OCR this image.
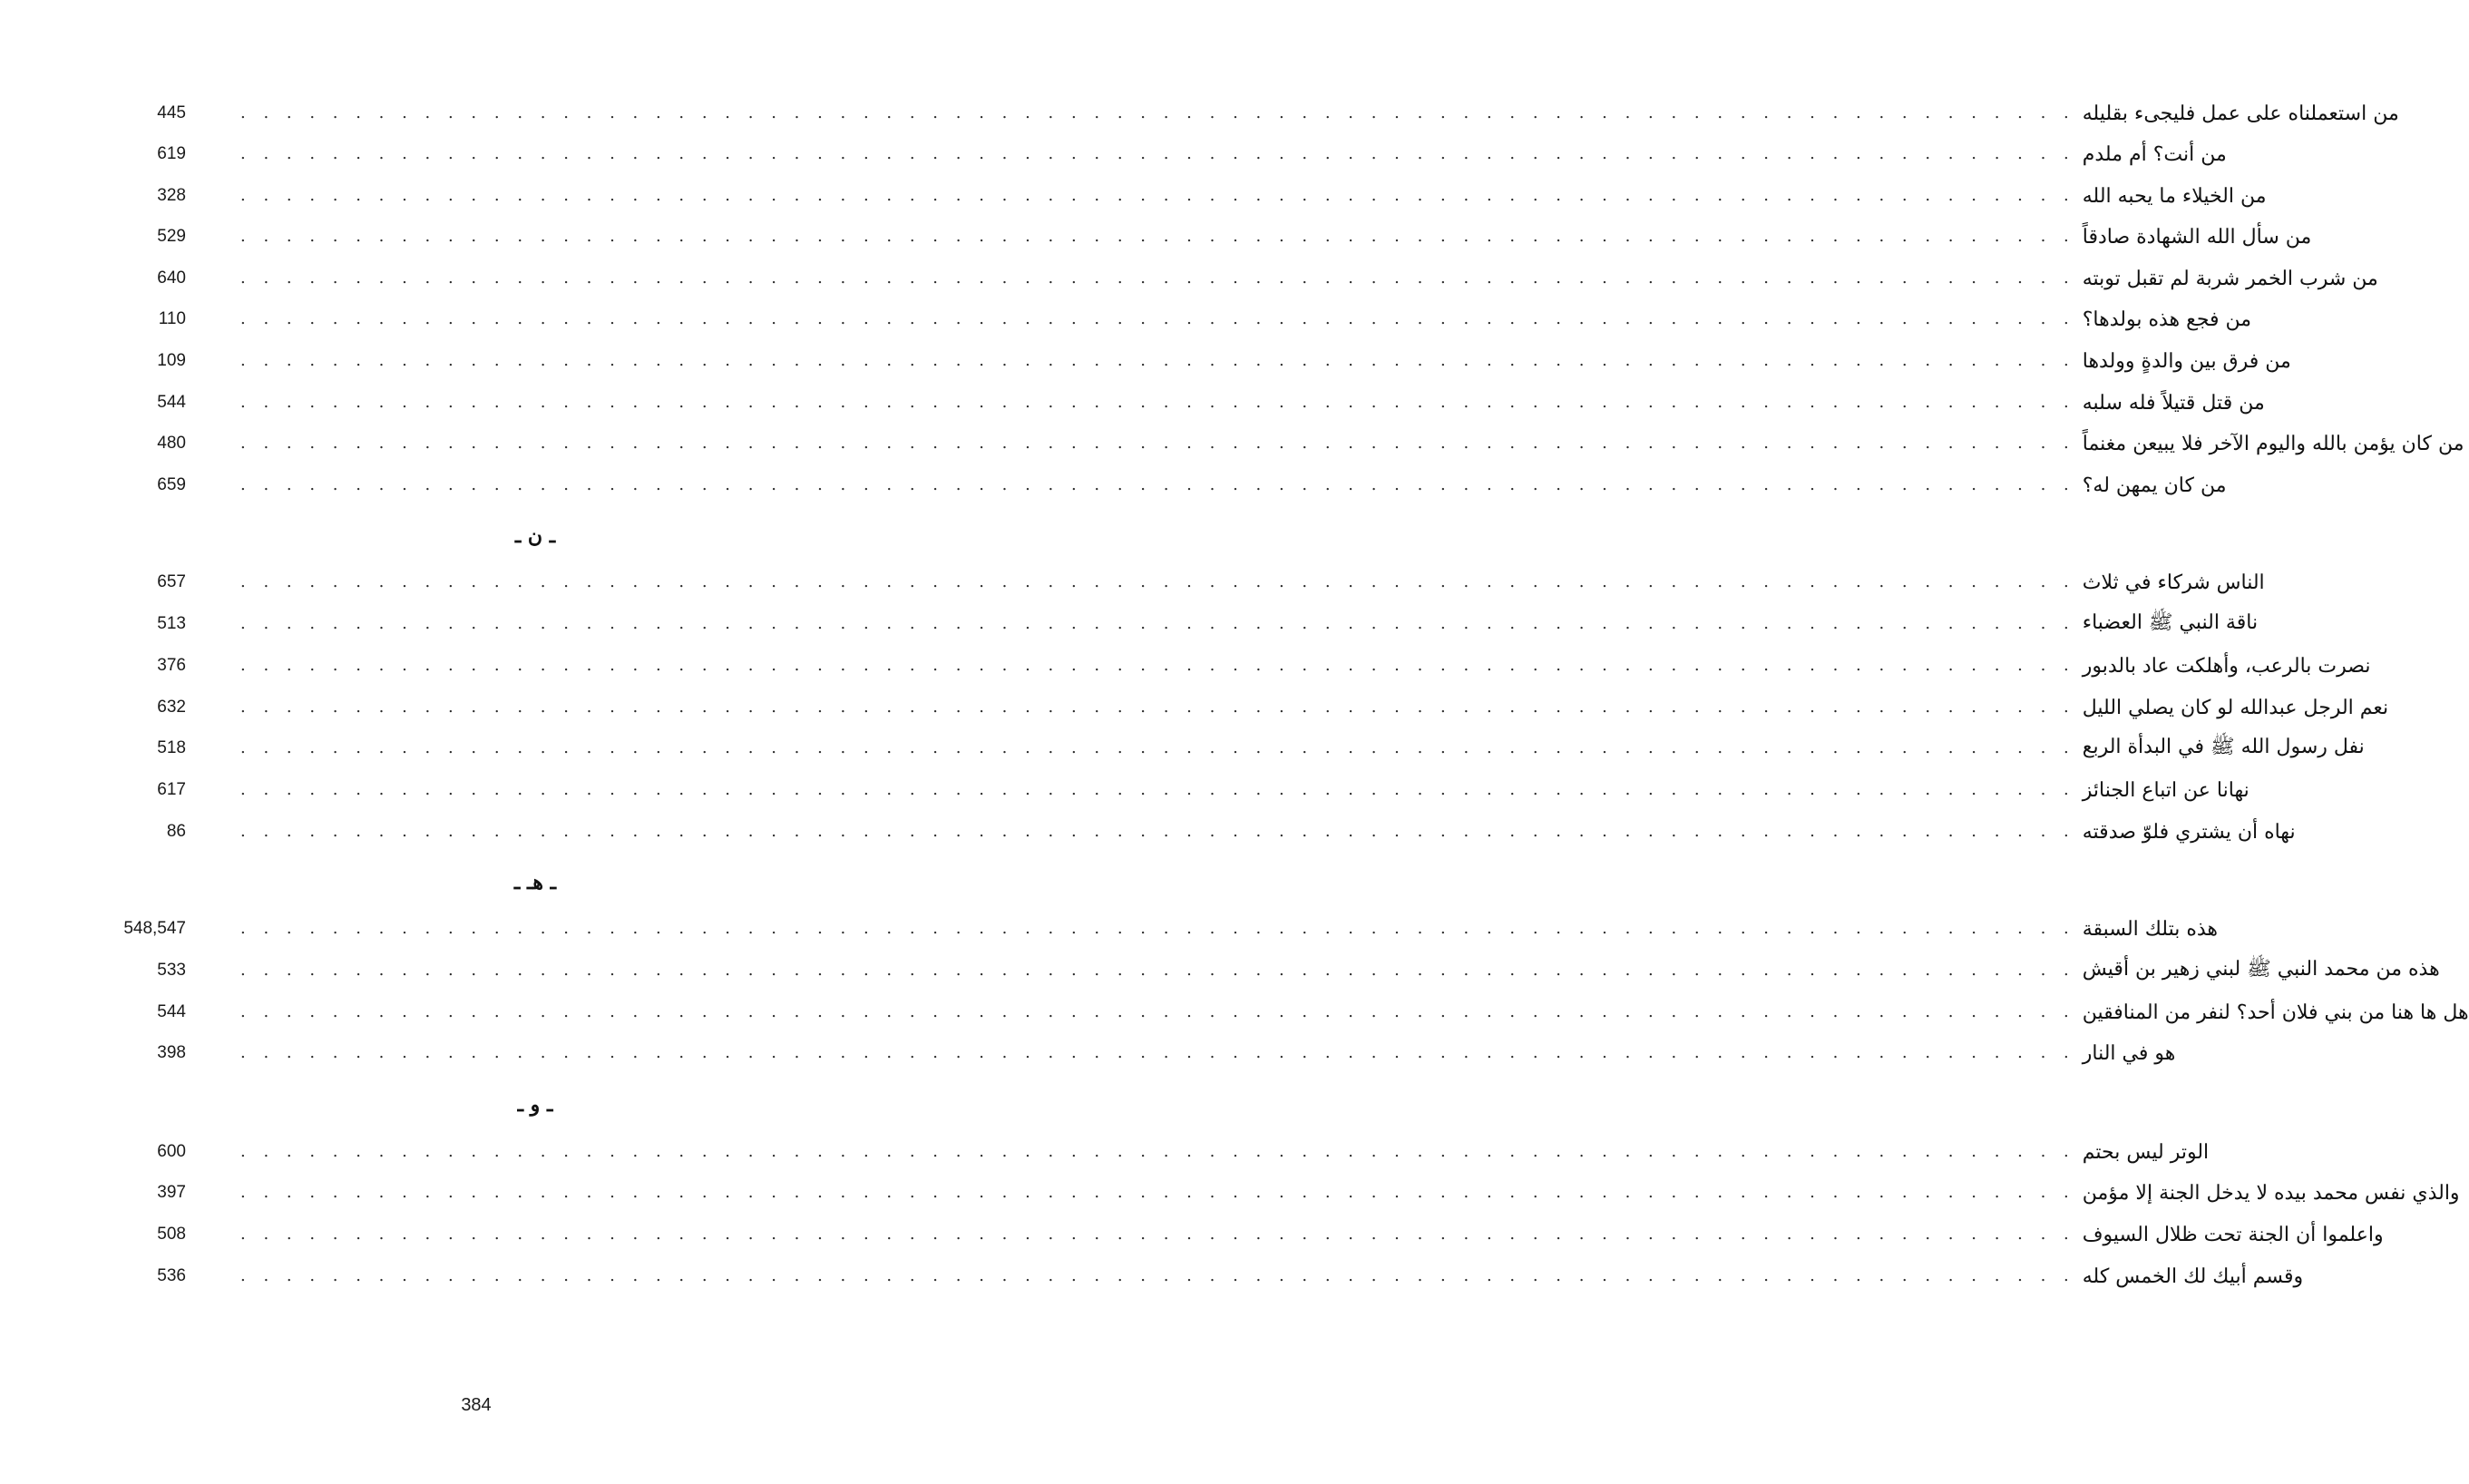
445	. . . . . . . . . . . . . . . . . . . . . . . . . . . . . . . . . . . . . . . . . . . . . . . . . . . . . . . . . . . . . . . . . . . . . . . . . . . . . . . . من استعملناه على عمل فليجىء بقليله
619	. . . . . . . . . . . . . . . . . . . . . . . . . . . . . . . . . . . . . . . . . . . . . . . . . . . . . . . . . . . . . . . . . . . . . . . . . . . . . . . . من أنت؟ أم ملدم
328	. . . . . . . . . . . . . . . . . . . . . . . . . . . . . . . . . . . . . . . . . . . . . . . . . . . . . . . . . . . . . . . . . . . . . . . . . . . . . . . . من الخيلاء ما يحبه الله
529	. . . . . . . . . . . . . . . . . . . . . . . . . . . . . . . . . . . . . . . . . . . . . . . . . . . . . . . . . . . . . . . . . . . . . . . . . . . . . . . . من سأل الله الشهادة صادقاً
640	. . . . . . . . . . . . . . . . . . . . . . . . . . . . . . . . . . . . . . . . . . . . . . . . . . . . . . . . . . . . . . . . . . . . . . . . . . . . . . . . من شرب الخمر شربة لم تقبل توبته
110	. . . . . . . . . . . . . . . . . . . . . . . . . . . . . . . . . . . . . . . . . . . . . . . . . . . . . . . . . . . . . . . . . . . . . . . . . . . . . . . . من فجع هذه بولدها؟
109	. . . . . . . . . . . . . . . . . . . . . . . . . . . . . . . . . . . . . . . . . . . . . . . . . . . . . . . . . . . . . . . . . . . . . . . . . . . . . . . . من فرق بين والدةٍ وولدها
544	. . . . . . . . . . . . . . . . . . . . . . . . . . . . . . . . . . . . . . . . . . . . . . . . . . . . . . . . . . . . . . . . . . . . . . . . . . . . . . . . من قتل قتيلاً فله سلبه
480	. . . . . . . . . . . . . . . . . . . . . . . . . . . . . . . . . . . . . . . . . . . . . . . . . . . . . . . . . . . . . . . . . . . . . . . . . . . . . . . . من كان يؤمن بالله واليوم الآخر فلا يبيعن مغنماً
659	. . . . . . . . . . . . . . . . . . . . . . . . . . . . . . . . . . . . . . . . . . . . . . . . . . . . . . . . . . . . . . . . . . . . . . . . . . . . . . . . من كان يمهن له؟
ـ ن ـ
657	. . . . . . . . . . . . . . . . . . . . . . . . . . . . . . . . . . . . . . . . . . . . . . . . . . . . . . . . . . . . . . . . . . . . . . . . . . . . . . . . الناس شركاء في ثلاث
513	. . . . . . . . . . . . . . . . . . . . . . . . . . . . . . . . . . . . . . . . . . . . . . . . . . . . . . . . . . . . . . . . . . . . . . . . . . . . . . . . ناقة النبي ﷺ العضباء
376	. . . . . . . . . . . . . . . . . . . . . . . . . . . . . . . . . . . . . . . . . . . . . . . . . . . . . . . . . . . . . . . . . . . . . . . . . . . . . . . . نصرت بالرعب، وأهلكت عاد بالدبور
632	. . . . . . . . . . . . . . . . . . . . . . . . . . . . . . . . . . . . . . . . . . . . . . . . . . . . . . . . . . . . . . . . . . . . . . . . . . . . . . . . نعم الرجل عبدالله لو كان يصلي الليل
518	. . . . . . . . . . . . . . . . . . . . . . . . . . . . . . . . . . . . . . . . . . . . . . . . . . . . . . . . . . . . . . . . . . . . . . . . . . . . . . . . نفل رسول الله ﷺ في البدأة الربع
617	. . . . . . . . . . . . . . . . . . . . . . . . . . . . . . . . . . . . . . . . . . . . . . . . . . . . . . . . . . . . . . . . . . . . . . . . . . . . . . . . نهانا عن اتباع الجنائز
86	. . . . . . . . . . . . . . . . . . . . . . . . . . . . . . . . . . . . . . . . . . . . . . . . . . . . . . . . . . . . . . . . . . . . . . . . . . . . . . . . نهاه أن يشتري فلوّ صدقته
ـ هـ ـ
548,547	. . . . . . . . . . . . . . . . . . . . . . . . . . . . . . . . . . . . . . . . . . . . . . . . . . . . . . . . . . . . . . . . . . . . . . . . . . . . . . . . هذه بتلك السبقة
533	. . . . . . . . . . . . . . . . . . . . . . . . . . . . . . . . . . . . . . . . . . . . . . . . . . . . . . . . . . . . . . . . . . . . . . . . . . . . . . . . هذه من محمد النبي ﷺ لبني زهير بن أقيش
544	. . . . . . . . . . . . . . . . . . . . . . . . . . . . . . . . . . . . . . . . . . . . . . . . . . . . . . . . . . . . . . . . . . . . . . . . . . . . . . . . هل ها هنا من بني فلان أحد؟ لنفر من المنافقين
398	. . . . . . . . . . . . . . . . . . . . . . . . . . . . . . . . . . . . . . . . . . . . . . . . . . . . . . . . . . . . . . . . . . . . . . . . . . . . . . . . هو في النار
ـ و ـ
600	. . . . . . . . . . . . . . . . . . . . . . . . . . . . . . . . . . . . . . . . . . . . . . . . . . . . . . . . . . . . . . . . . . . . . . . . . . . . . . . . الوتر ليس بحتم
397	. . . . . . . . . . . . . . . . . . . . . . . . . . . . . . . . . . . . . . . . . . . . . . . . . . . . . . . . . . . . . . . . . . . . . . . . . . . . . . . . والذي نفس محمد بيده لا يدخل الجنة إلا مؤمن
508	. . . . . . . . . . . . . . . . . . . . . . . . . . . . . . . . . . . . . . . . . . . . . . . . . . . . . . . . . . . . . . . . . . . . . . . . . . . . . . . . واعلموا أن الجنة تحت ظلال السيوف
536	. . . . . . . . . . . . . . . . . . . . . . . . . . . . . . . . . . . . . . . . . . . . . . . . . . . . . . . . . . . . . . . . . . . . . . . . . . . . . . . . وقسم أبيك لك الخمس كله
384
